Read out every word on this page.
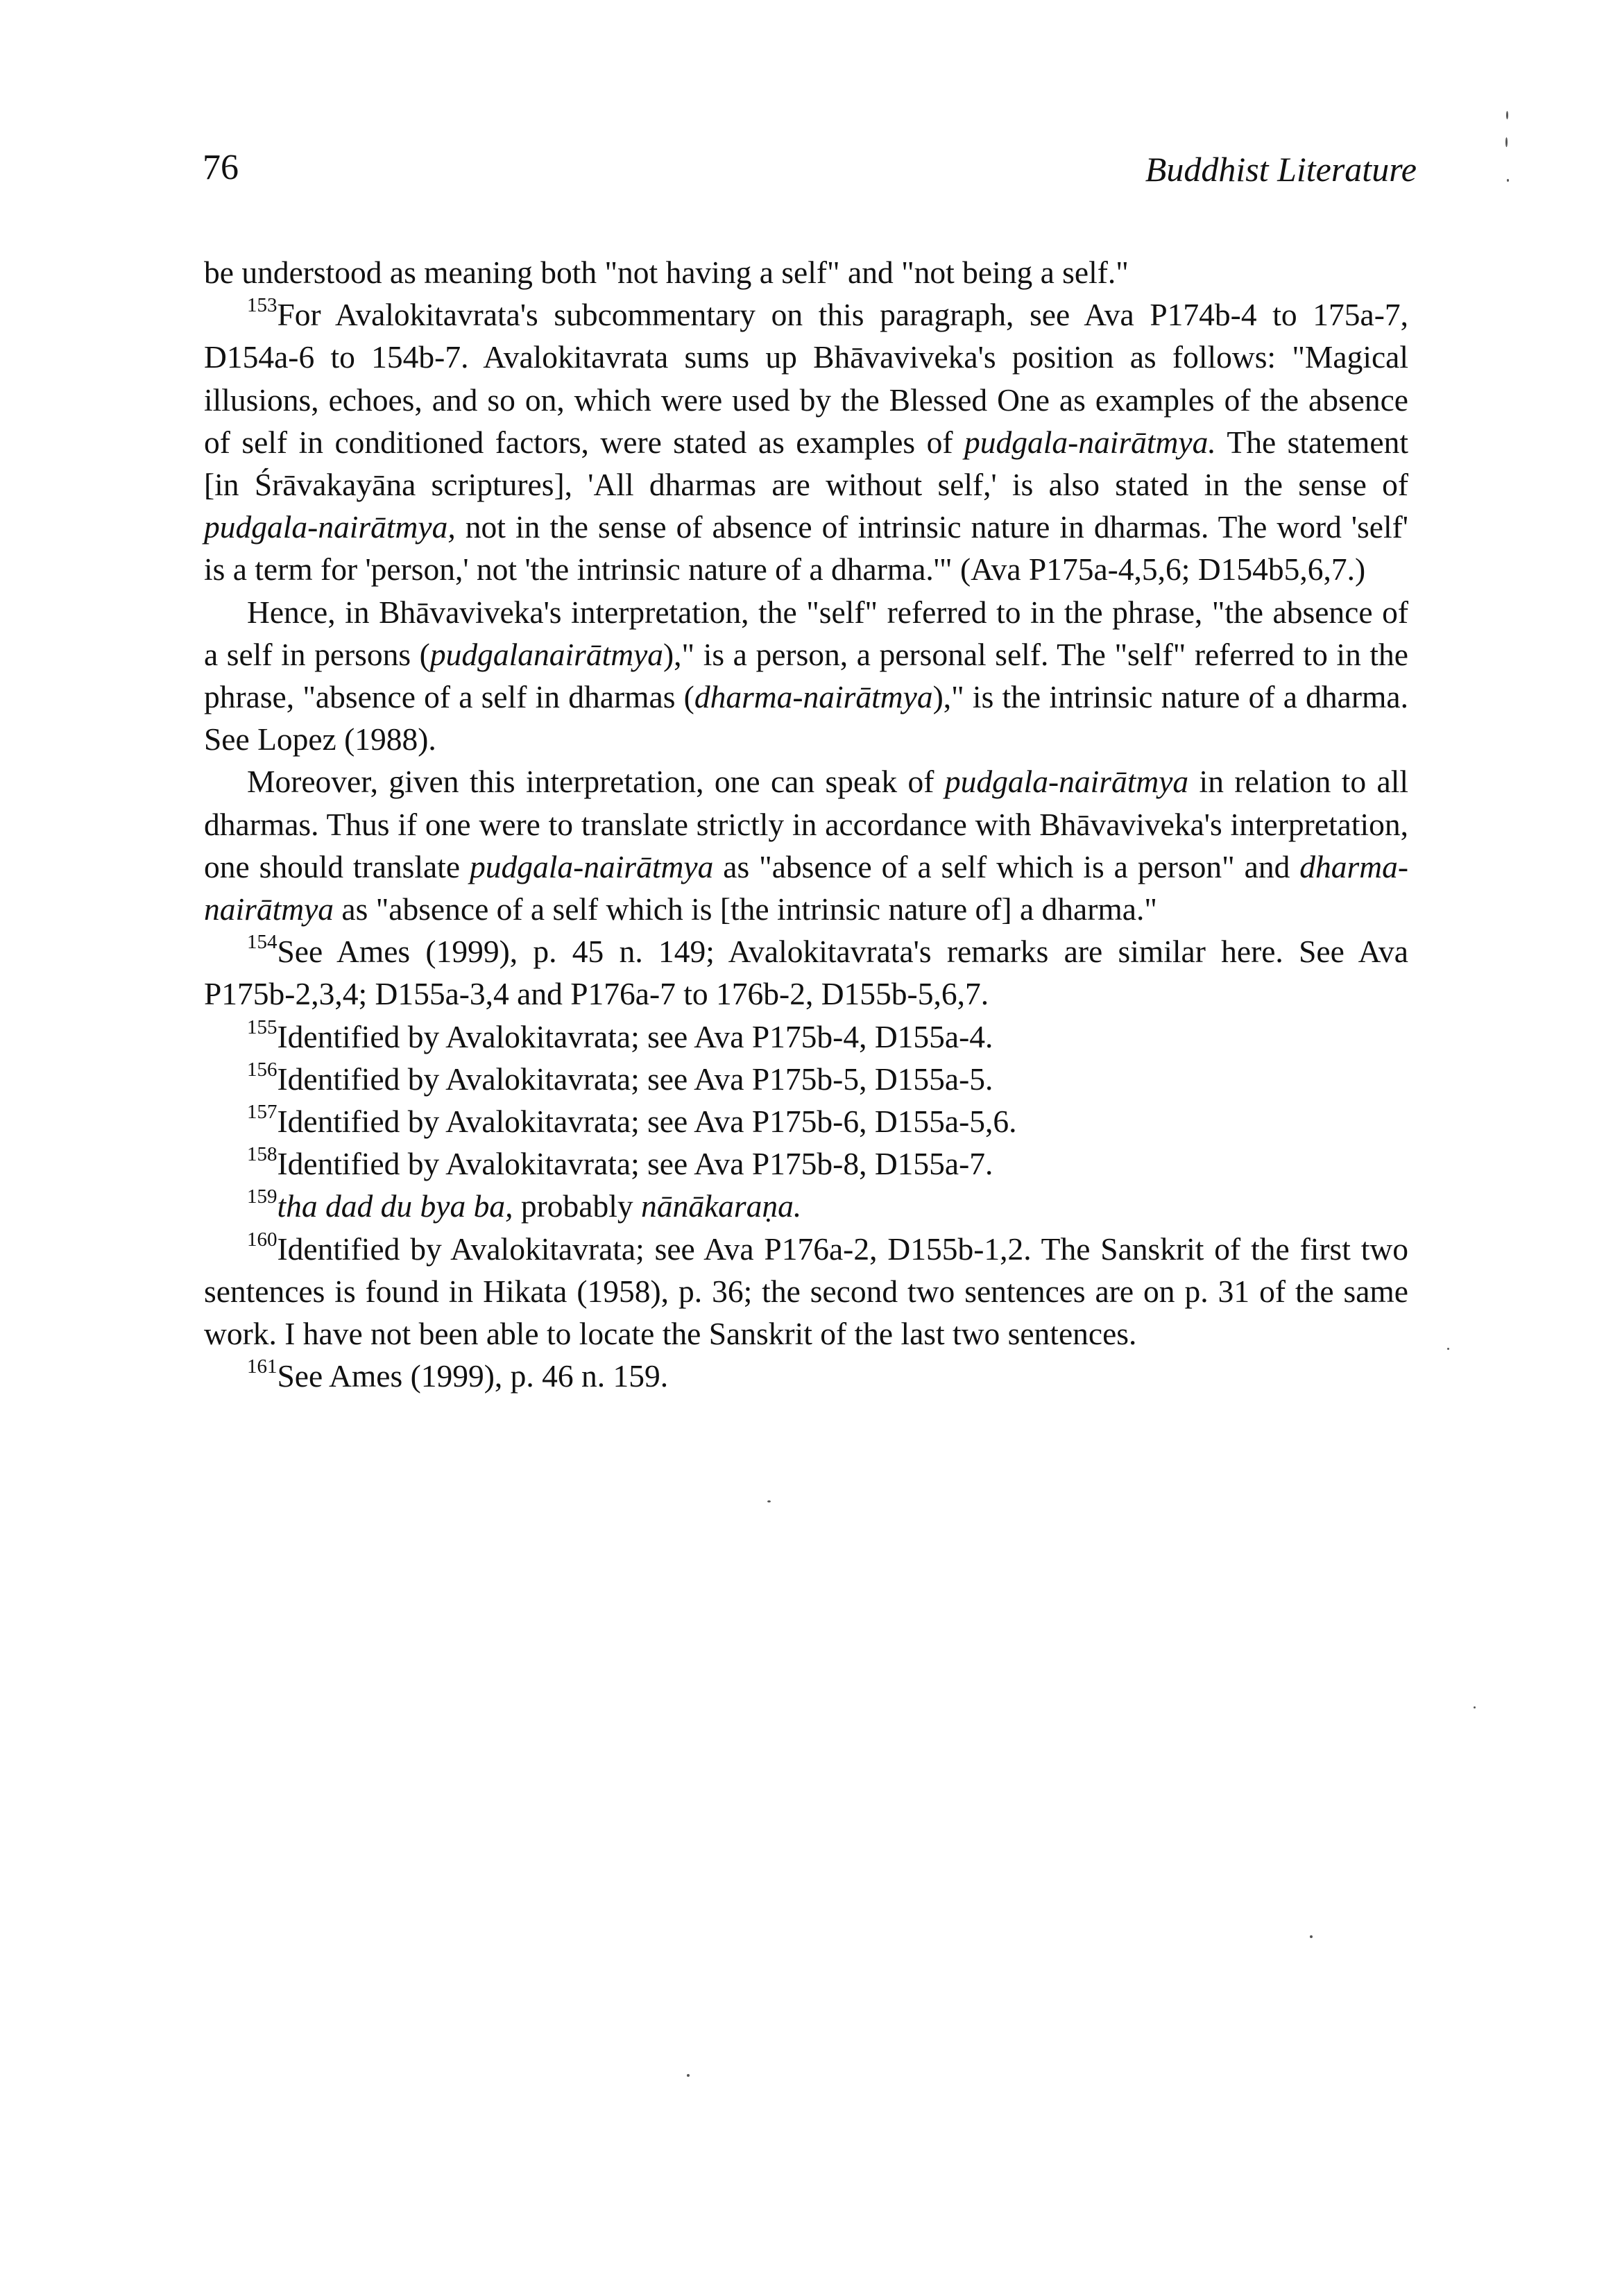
76	Buddhist Literature

be understood as meaning both "not having a self" and "not being a self."

$^{153}$For Avalokitavrata's subcommentary on this paragraph, see Ava P174b-4 to 175a-7, D154a-6 to 154b-7. Avalokitavrata sums up Bhāvaviveka's position as follows: "Magical illusions, echoes, and so on, which were used by the Blessed One as examples of the absence of self in conditioned factors, were stated as examples of pudgala-nairātmya. The statement [in Śrāvakayāna scriptures], 'All dharmas are without self,' is also stated in the sense of pudgala-nairātmya, not in the sense of absence of intrinsic nature in dharmas. The word 'self' is a term for 'person,' not 'the intrinsic nature of a dharma.'" (Ava P175a-4,5,6; D154b5,6,7.)

Hence, in Bhāvaviveka's interpretation, the "self" referred to in the phrase, "the absence of a self in persons (pudgalanairātmya)," is a person, a personal self. The "self" referred to in the phrase, "absence of a self in dharmas (dharma-nairātmya)," is the intrinsic nature of a dharma. See Lopez (1988).

Moreover, given this interpretation, one can speak of pudgala-nairātmya in relation to all dharmas. Thus if one were to translate strictly in accordance with Bhāvaviveka's interpretation, one should translate pudgala-nairātmya as "absence of a self which is a person" and dharma-nairātmya as "absence of a self which is [the intrinsic nature of] a dharma."

$^{154}$See Ames (1999), p. 45 n. 149; Avalokitavrata's remarks are similar here. See Ava P175b-2,3,4; D155a-3,4 and P176a-7 to 176b-2, D155b-5,6,7.

$^{155}$Identified by Avalokitavrata; see Ava P175b-4, D155a-4.

$^{156}$Identified by Avalokitavrata; see Ava P175b-5, D155a-5.

$^{157}$Identified by Avalokitavrata; see Ava P175b-6, D155a-5,6.

$^{158}$Identified by Avalokitavrata; see Ava P175b-8, D155a-7.

$^{159}$tha dad du bya ba, probably nānākaraṇa.

$^{160}$Identified by Avalokitavrata; see Ava P176a-2, D155b-1,2. The Sanskrit of the first two sentences is found in Hikata (1958), p. 36; the second two sentences are on p. 31 of the same work. I have not been able to locate the Sanskrit of the last two sentences.

$^{161}$See Ames (1999), p. 46 n. 159.
